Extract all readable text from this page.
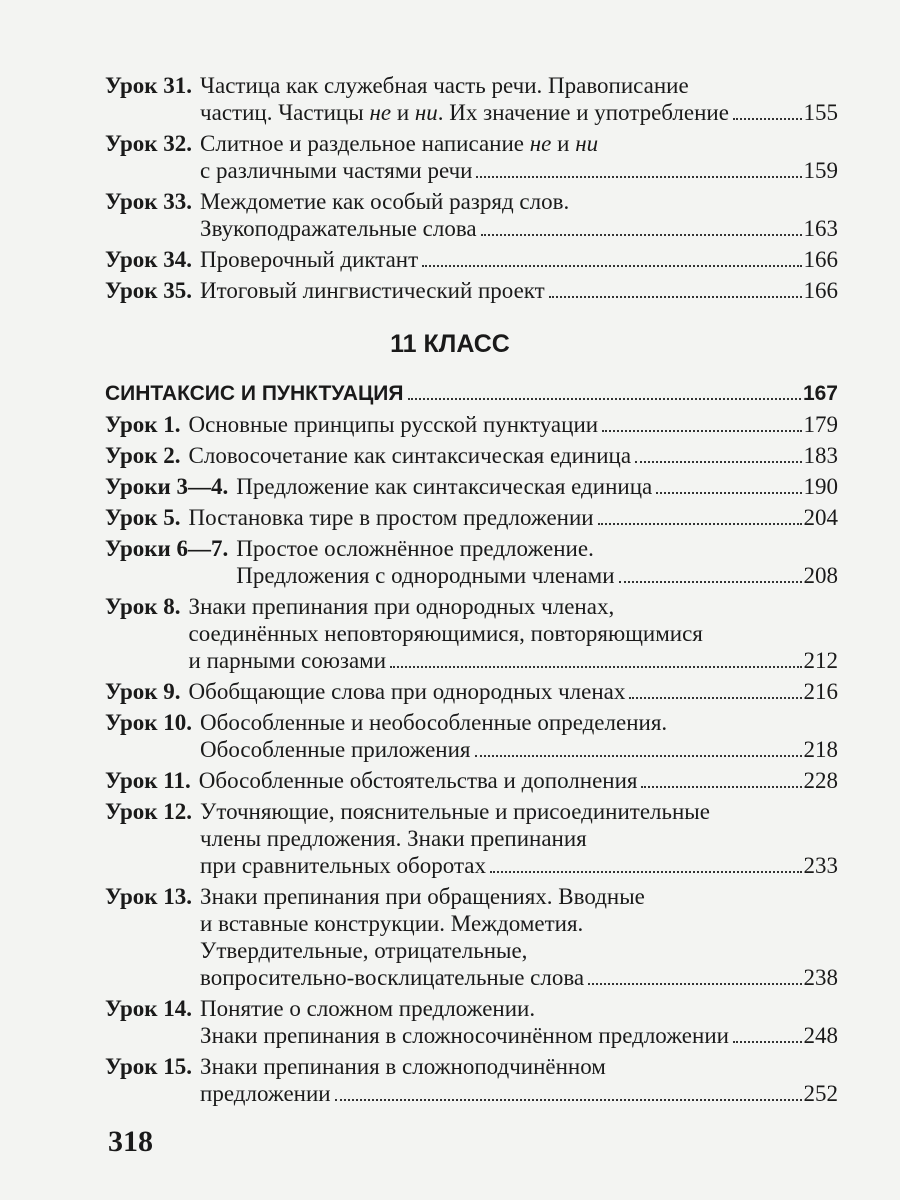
Урок 31. Частица как служебная часть речи. Правописание
частиц. Частицы не и ни. Их значение и употребление	155
Урок 32. Слитное и раздельное написание не и ни
с различными частями речи	159
Урок 33. Междометие как особый разряд слов.
Звукоподражательные слова	163
Урок 34. Проверочный диктант	166
Урок 35. Итоговый лингвистический проект	166
11 КЛАСС
СИНТАКСИС И ПУНКТУАЦИЯ	167
Урок 1. Основные принципы русской пунктуации	179
Урок 2. Словосочетание как синтаксическая единица	183
Уроки 3—4. Предложение как синтаксическая единица	190
Урок 5. Постановка тире в простом предложении	204
Уроки 6—7. Простое осложнённое предложение.
Предложения с однородными членами	208
Урок 8. Знаки препинания при однородных членах,
соединённых неповторяющимися, повторяющимися
и парными союзами	212
Урок 9. Обобщающие слова при однородных членах	216
Урок 10. Обособленные и необособленные определения.
Обособленные приложения	218
Урок 11. Обособленные обстоятельства и дополнения	228
Урок 12. Уточняющие, пояснительные и присоединительные
члены предложения. Знаки препинания
при сравнительных оборотах	233
Урок 13. Знаки препинания при обращениях. Вводные
и вставные конструкции. Междометия.
Утвердительные, отрицательные,
вопросительно-восклицательные слова	238
Урок 14. Понятие о сложном предложении.
Знаки препинания в сложносочинённом предложении	248
Урок 15. Знаки препинания в сложноподчинённом
предложении	252
318
